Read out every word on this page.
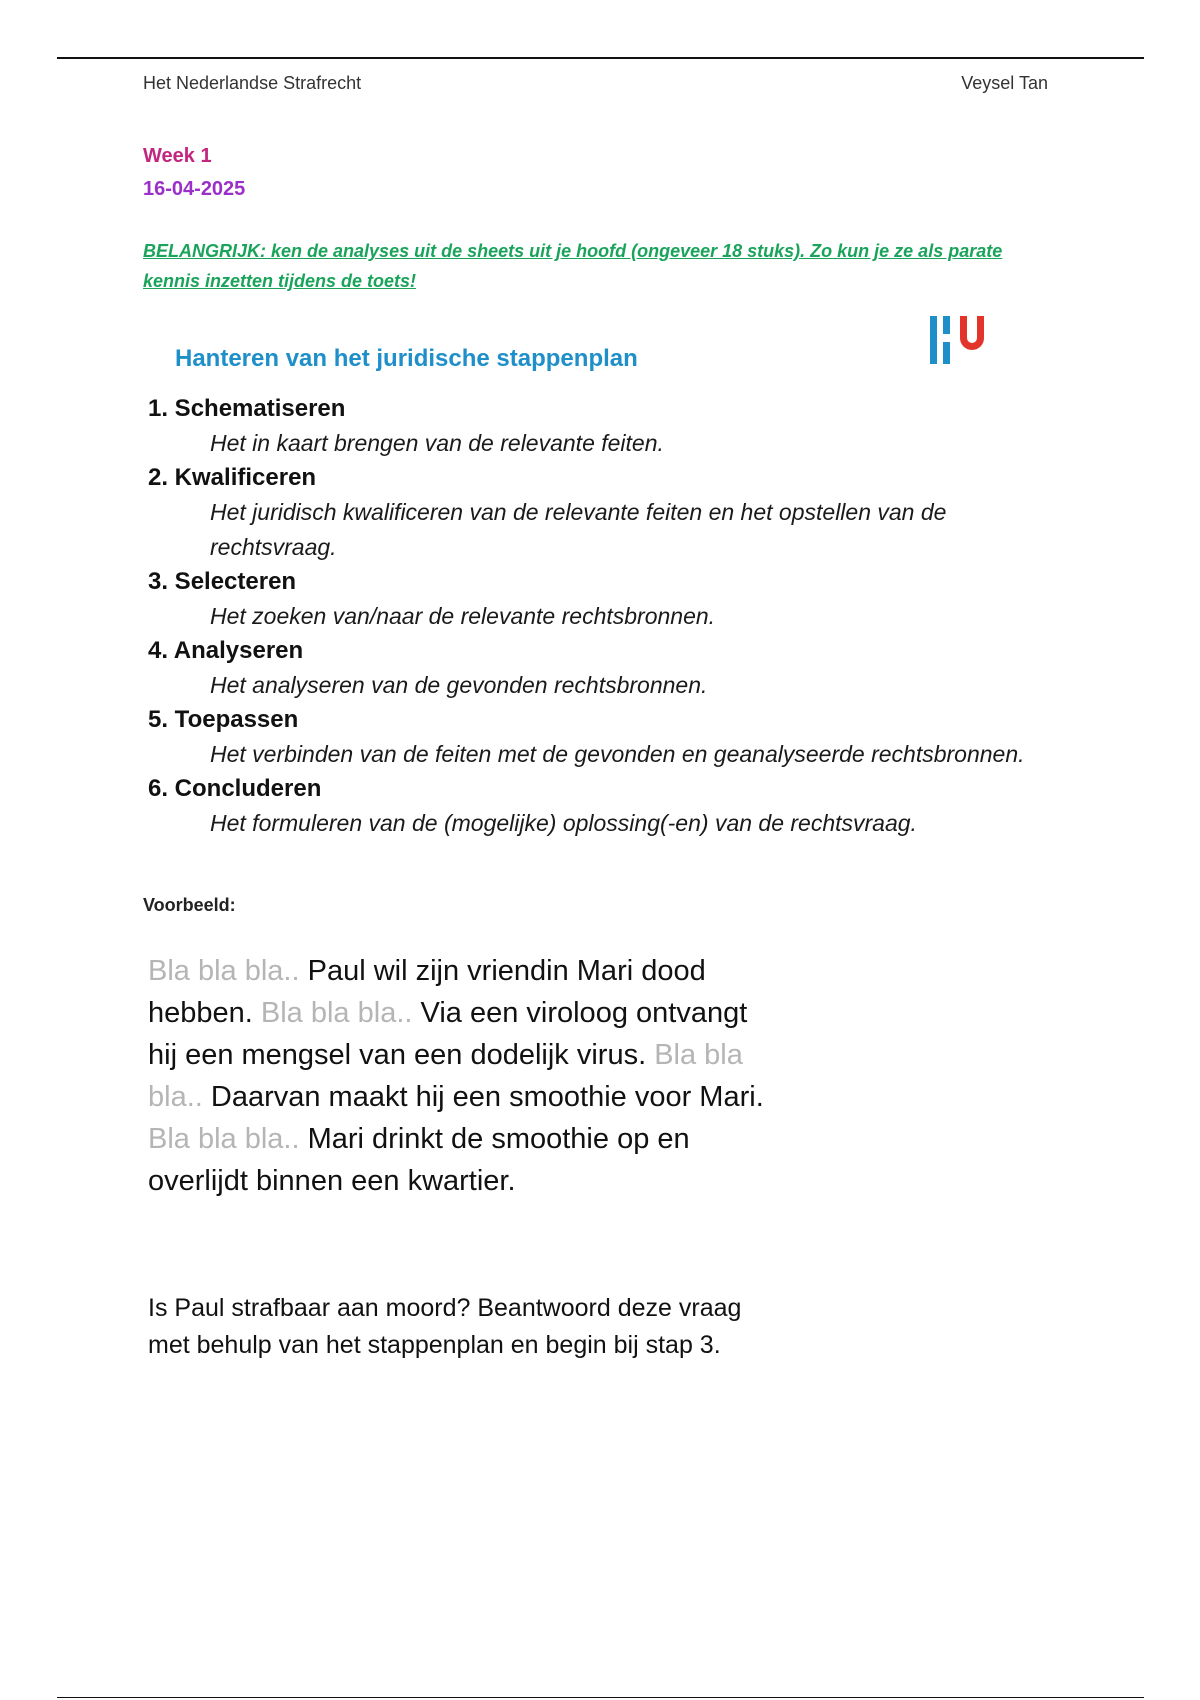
Het Nederlandse Strafrecht	Veysel Tan
Week 1
16-04-2025
BELANGRIJK: ken de analyses uit de sheets uit je hoofd (ongeveer 18 stuks). Zo kun je ze als parate kennis inzetten tijdens de toets!
Hanteren van het juridische stappenplan
1. Schematiseren
Het in kaart brengen van de relevante feiten.
2. Kwalificeren
Het juridisch kwalificeren van de relevante feiten en het opstellen van de rechtsvraag.
3. Selecteren
Het zoeken van/naar de relevante rechtsbronnen.
4. Analyseren
Het analyseren van de gevonden rechtsbronnen.
5. Toepassen
Het verbinden van de feiten met de gevonden en geanalyseerde rechtsbronnen.
6. Concluderen
Het formuleren van de (mogelijke) oplossing(-en) van de rechtsvraag.
Voorbeeld:
Bla bla bla.. Paul wil zijn vriendin Mari dood hebben. Bla bla bla.. Via een viroloog ontvangt hij een mengsel van een dodelijk virus. Bla bla bla.. Daarvan maakt hij een smoothie voor Mari. Bla bla bla.. Mari drinkt de smoothie op en overlijdt binnen een kwartier.
Is Paul strafbaar aan moord? Beantwoord deze vraag met behulp van het stappenplan en begin bij stap 3.
